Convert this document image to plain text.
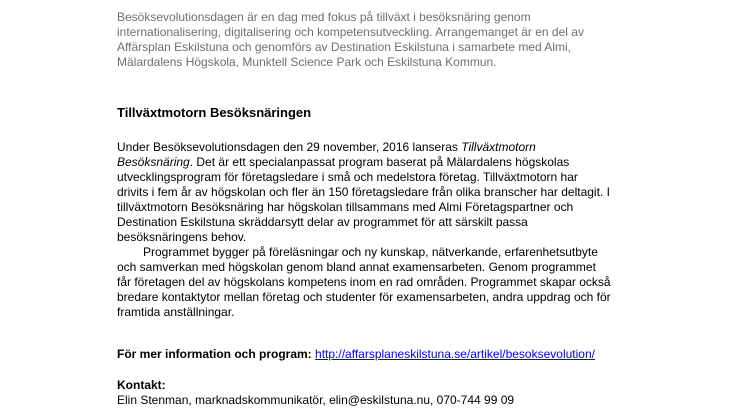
Besöksevolutionsdagen är en dag med fokus på tillväxt i besöksnäring genom

internationalisering, digitalisering och kompetensutveckling. Arrangemanget är en del av

Affärsplan Eskilstuna och genomförs av Destination Eskilstuna i samarbete med Almi,

Mälardalens Högskola, Munktell Science Park och Eskilstuna Kommun.

Tillväxtmotorn Besöksnäringen

Under Besöksevolutionsdagen den 29 november, 2016 lanseras Tillväxtmotorn

Besöksnäring. Det är ett specialanpassat program baserat på Mälardalens högskolas

utvecklingsprogram för företagsledare i små och medelstora företag. Tillväxtmotorn har

drivits i fem år av högskolan och fler än 150 företagsledare från olika branscher har deltagit. I

tillväxtmotorn Besöksnäring har högskolan tillsammans med Almi Företagspartner och

Destination Eskilstuna skräddarsytt delar av programmet för att särskilt passa

besöksnäringens behov.

Programmet bygger på föreläsningar och ny kunskap, nätverkande, erfarenhetsutbyte

och samverkan med högskolan genom bland annat examensarbeten. Genom programmet

får företagen del av högskolans kompetens inom en rad områden. Programmet skapar också

bredare kontaktytor mellan företag och studenter för examensarbeten, andra uppdrag och för

framtida anställningar.

För mer information och program: http://affarsplaneskilstuna.se/artikel/besoksevolution/

Kontakt:

Elin Stenman, marknadskommunikatör, elin@eskilstuna.nu, 070-744 99 09
